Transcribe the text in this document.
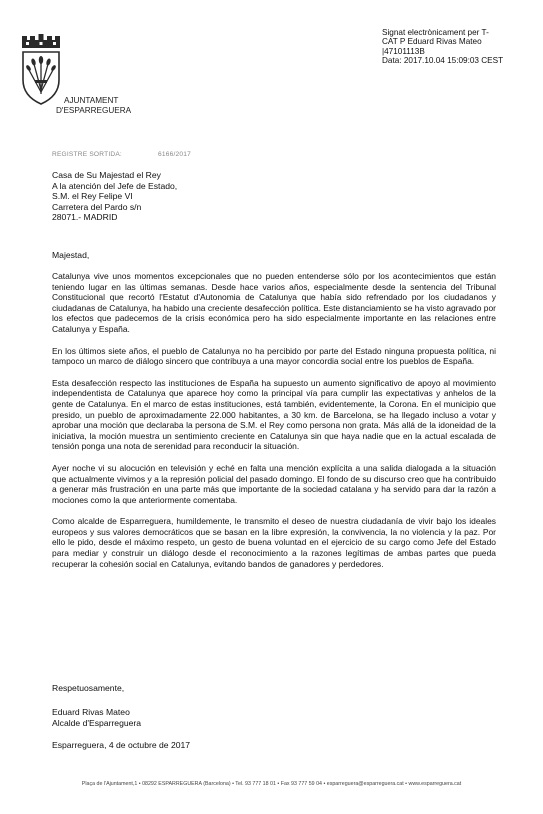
AJUNTAMENT
D'ESPARREGUERA
Signat electrònicament per T-
CAT P Eduard Rivas Mateo
|47101113B
Data: 2017.10.04 15:09:03 CEST
REGISTRE SORTIDA:	6166/2017
Casa de Su Majestad el Rey
A la atención del Jefe de Estado,
S.M. el Rey Felipe VI
Carretera del Pardo s/n
28071.- MADRID
Majestad,

Catalunya vive unos momentos excepcionales que no pueden entenderse sólo por los acontecimientos que están teniendo lugar en las últimas semanas. Desde hace varios años, especialmente desde la sentencia del Tribunal Constitucional que recortó l'Estatut d'Autonomia de Catalunya que había sido refrendado por los ciudadanos y ciudadanas de Catalunya, ha habido una creciente desafección política. Este distanciamiento se ha visto agravado por los efectos que padecemos de la crisis económica pero ha sido especialmente importante en las relaciones entre Catalunya y España.

En los últimos siete años, el pueblo de Catalunya no ha percibido por parte del Estado ninguna propuesta política, ni tampoco un marco de diálogo sincero que contribuya a una mayor concordia social entre los pueblos de España.

Esta desafección respecto las instituciones de España ha supuesto un aumento significativo de apoyo al movimiento independentista de Catalunya que aparece hoy como la principal vía para cumplir las expectativas y anhelos de la gente de Catalunya. En el marco de estas instituciones, está también, evidentemente, la Corona. En el municipio que presido, un pueblo de aproximadamente 22.000 habitantes, a 30 km. de Barcelona, se ha llegado incluso a votar y aprobar una moción que declaraba la persona de S.M. el Rey como persona non grata. Más allá de la idoneidad de la iniciativa, la moción muestra un sentimiento creciente en Catalunya sin que haya nadie que en la actual escalada de tensión ponga una nota de serenidad para reconducir la situación.

Ayer noche vi su alocución en televisión y eché en falta una mención explícita a una salida dialogada a la situación que actualmente vivimos y a la represión policial del pasado domingo. El fondo de su discurso creo que ha contribuido a generar más frustración en una parte más que importante de la sociedad catalana y ha servido para dar la razón a mociones como la que anteriormente comentaba.

Como alcalde de Esparreguera, humildemente, le transmito el deseo de nuestra ciudadanía de vivir bajo los ideales europeos y sus valores democráticos que se basan en la libre expresión, la convivencia, la no violencia y la paz. Por ello le pido, desde el máximo respeto, un gesto de buena voluntad en el ejercicio de su cargo como Jefe del Estado para mediar y construir un diálogo desde el reconocimiento a la razones legítimas de ambas partes que pueda recuperar la cohesión social en Catalunya, evitando bandos de ganadores y perdedores.

Respetuosamente,
Eduard Rivas Mateo
Alcalde d'Esparreguera
Esparreguera, 4 de octubre de 2017
Plaça de l'Ajuntament,1 • 08292 ESPARREGUERA (Barcelona) • Tel. 93 777 18 01 • Fax 93 777 59 04 • esparreguera@esparreguera.cat • www.esparreguera.cat
